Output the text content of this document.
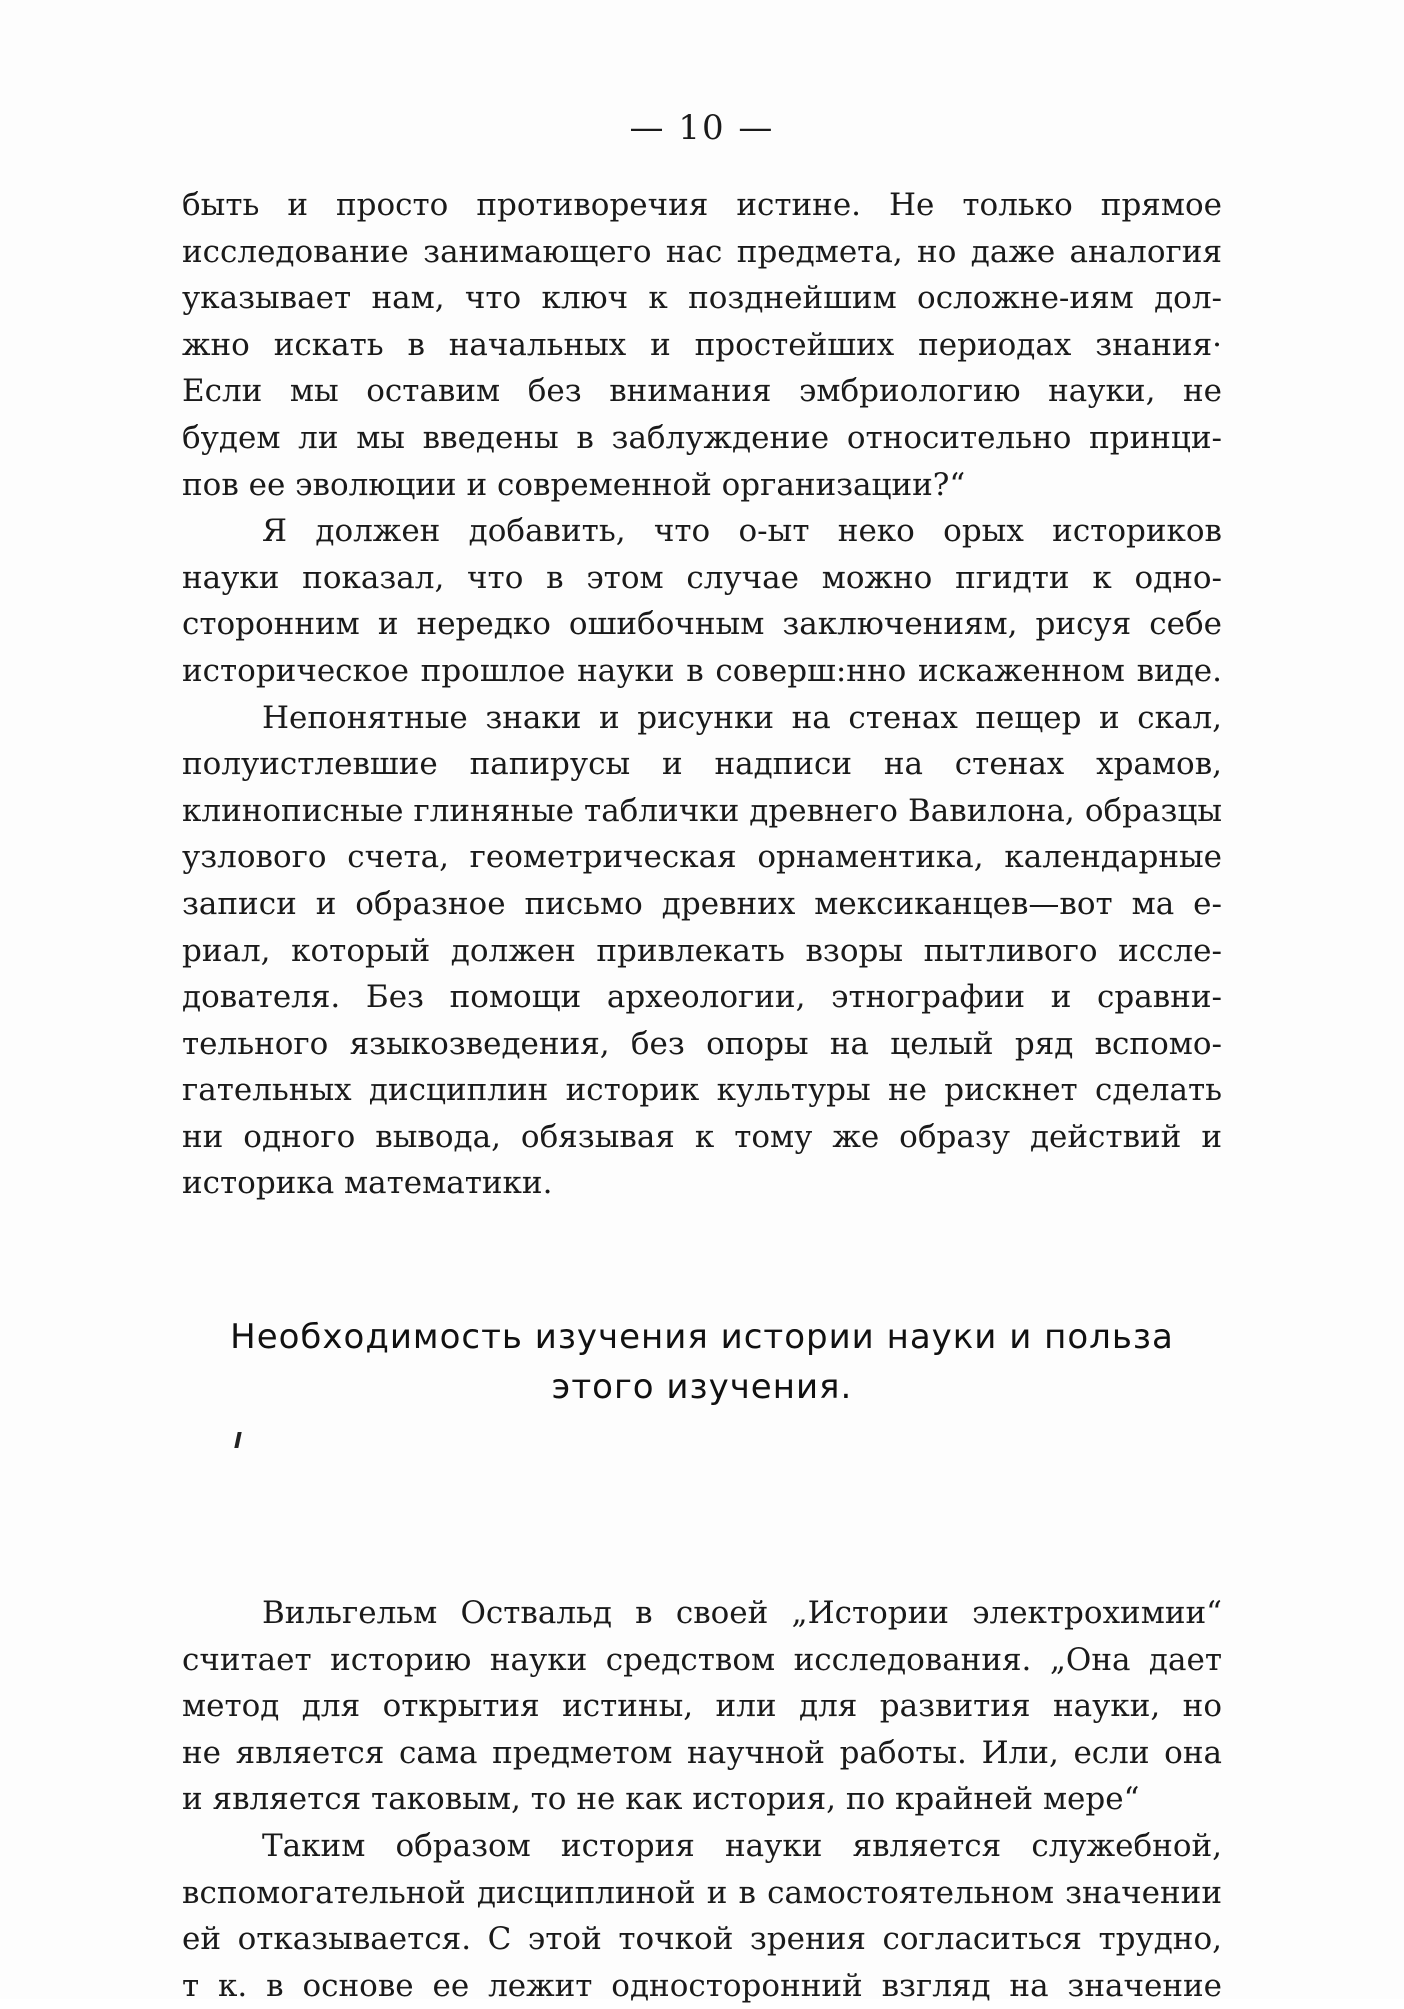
— 10 —
быть и просто противоречия истине. Не только прямое
исследование занимающего нас предмета, но даже аналогия
указывает нам, что ключ к позднейшим осложне-иям дол-
жно искать в начальных и простейших периодах знания·
Если мы оставим без внимания эмбриологию науки, не
будем ли мы введены в заблуждение относительно принци-
пов ее эволюции и современной организации?“
Я должен добавить, что о-ыт неко орых историков
науки показал, что в этом случае можно пгидти к одно-
сторонним и нередко ошибочным заключениям, рисуя себе
историческое прошлое науки в соверш:нно искаженном виде.
Непонятные знаки и рисунки на стенах пещер и скал,
полуистлевшие папирусы и надписи на стенах храмов,
клинописные глиняные таблички древнего Вавилона, образцы
узлового счета, геометрическая орнаментика, календарные
записи и образное письмо древних мексиканцев—вот ма е-
риал, который должен привлекать взоры пытливого иссле-
дователя. Без помощи археологии, этнографии и сравни-
тельного языкозведения, без опоры на целый ряд вспомо-
гательных дисциплин историк культуры не рискнет сделать
ни одного вывода, обязывая к тому же образу действий и
историка математики.
Необходимость изучения истории науки и польза
этого изучения.
Вильгельм Оствальд в своей „Истории электрохимии“
считает историю науки средством исследования. „Она дает
метод для открытия истины, или для развития науки, но
не является сама предметом научной работы. Или, если она
и является таковым, то не как история, по крайней мере“
Таким образом история науки является служебной,
вспомогательной дисциплиной и в самостоятельном значении
ей отказывается. С этой точкой зрения согласиться трудно,
т к. в основе ее лежит односторонний взгляд на значение
